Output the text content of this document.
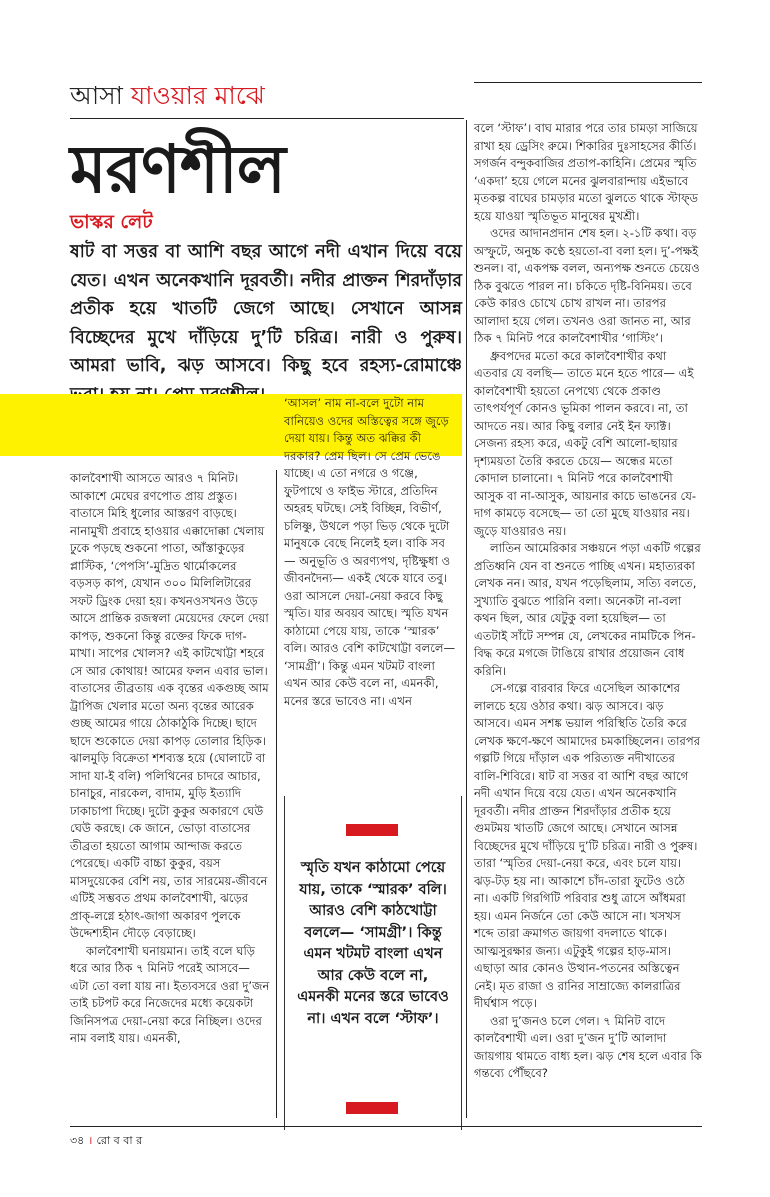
আসা যাওয়ার মাঝে
মরণশীল
ভাস্কর লেট
ষাট বা সত্তর বা আশি বছর আগে নদী এখান দিয়ে বয়ে যেত। এখন অনেকখানি দূরবর্তী। নদীর প্রাক্তন শিরদাঁড়ার প্রতীক হয়ে খাতটি জেগে আছে। সেখানে আসন্ন বিচ্ছেদের মুখে দাঁড়িয়ে দু’টি চরিত্র। নারী ও পুরুষ। আমরা ভাবি, ঝড় আসবে। কিছু হবে রহস্য-রোমাঞ্চে

কালবৈশাখী আসতে আরও ৭ মিনিট। আকাশে মেঘের রণপোত প্রায় প্রস্তুত। বাতাসে মিহি ধুলোর আস্তরণ বাড়ছে। নানামুখী প্রবাহে হাওয়ার এক্কাদোক্কা খেলায় ঢুকে পড়ছে শুকনো পাতা, আঁস্তাকুড়ের প্লাস্টিক, ‘পেপসি’-মুদ্রিত থার্মোকলের বড়সড় কাপ, যেখান ৩০০ মিলিলিটারের সফট ড্রিংক দেয়া হয়। কখনওসখনও উড়ে আসে প্রান্তিক রজস্বলা মেয়েদের ফেলে দেয়া কাপড়, শুকনো কিন্তু রক্তের ফিকে দাগ-মাখা। সাপের খোলস? এই কাটখোট্টা শহরে সে আর কোথায়! আমের ফলন এবার ভাল। বাতাসের তীব্রতায় এক বৃন্তের একগুচ্ছ আম ট্রাপিজ খেলার মতো অন্য বৃন্তের আরেক গুচ্ছ আমের গায়ে ঠোকাঠুকি দিচ্ছে। ছাদে ছাদে শুকোতে দেয়া কাপড় তোলার হিড়িক। ঝালমুড়ি বিক্রেতা শশব্যস্ত হয়ে (ঘোলাটে বা সাদা যা-ই বলি) পলিথিনের চাদরে আচার, চানাচুর, নারকেল, বাদাম, মুড়ি ইত্যাদি ঢাকাচাপা দিচ্ছে। দুটো কুকুর অকারণে ঘেউ ঘেউ করছে। কে জানে, ভোড়া বাতাসের তীব্রতা হয়তো আগাম আন্দাজ করতে পেরেছে। একটি বাচ্চা কুকুর, বয়স মাসদুয়েকের বেশি নয়, তার সারমেয়-জীবনে এটিই সম্ভবত প্রথম কালবৈশাখী, ঝড়ের প্রাক্-লগ্নে হঠাৎ-জাগা অকারণ পুলকে উদ্দেশ্যহীন দৌড়ে বেড়াচ্ছে।

কালবৈশাখী ঘনায়মান। তাই বলে ঘড়ি ধরে আর ঠিক ৭ মিনিট পরেই আসবে— এটা তো বলা যায় না। ইত্যবসরে ওরা দু’জন তাই চটপট করে নিজেদের মধ্যে কয়েকটা জিনিসপত্র দেয়া-নেয়া করে নিচ্ছিল। ওদের নাম বলাই যায়। এমনকী,

‘আসল’ নাম না-বলে দুটো নাম বানিয়েও ওদের অস্তিত্বের সঙ্গে জুড়ে দেয়া যায়। কিন্তু অত ঝক্কির কী দরকার? প্রেম ছিল। সে প্রেম ভেঙে যাচ্ছে। এ তো নগরে ও গঞ্জে, ফুটপাথে ও ফাইভ স্টারে, প্রতিদিন অহরহ ঘটছে। সেই বিচ্ছিন্ন, বিভীর্ণ, চলিষ্ণু, উথলে পড়া ভিড় থেকে দুটো মানুষকে বেছে নিলেই হল। বাকি সব— অনুভূতি ও অরণ্যপথ, দৃষ্টিক্ষুধা ও জীবনদৈন্য— একই থেকে যাবে তবু। ওরা আসলে দেয়া-নেয়া করবে কিছু স্মৃতি। যার অবয়ব আছে। স্মৃতি যখন কাঠামো পেয়ে যায়, তাকে ‘স্মারক’ বলি। আরও বেশি কাটখোট্টা বললে— ‘সামগ্রী’। কিন্তু এমন খটমট বাংলা এখন আর কেউ বলে না, এমনকী, মনের স্তরে ভাবেও না। এখন

স্মৃতি যখন কাঠামো পেয়ে যায়, তাকে ‘স্মারক’ বলি। আরও বেশি কাঠখোট্টা বললে— ‘সামগ্রী’। কিন্তু এমন খটমট বাংলা এখন আর কেউ বলে না, এমনকী মনের স্তরে ভাবেও না। এখন বলে ‘স্টাফ’।

বলে ‘স্টাফ’। বাঘ মারার পরে তার চামড়া সাজিয়ে রাখা হয় ড্রেসিং রুমে। শিকারির দুঃসাহসের কীর্তি। সগর্জন বন্দুকবাজির প্রতাপ-কাহিনি। প্রেমের স্মৃতি ‘একদা’ হয়ে গেলে মনের ঝুলবারান্দায় এইভাবে মৃতকল্প বাঘের চামড়ার মতো ঝুলতে থাকে স্টাফ্ড হয়ে যাওয়া স্মৃতিভূত মানুষের মুখশ্রী।

ওদের আদানপ্রদান শেষ হল। ২-১টি কথা। বড় অস্ফুটে, অনুচ্চ কণ্ঠে হয়তো-বা বলা হল। দু’-পক্ষই শুনল। বা, একপক্ষ বলল, অন্যপক্ষ শুনতে চেয়েও ঠিক বুঝতে পারল না। চকিতে দৃষ্টি-বিনিময়। তবে কেউ কারও চোখে চোখ রাখল না। তারপর আলাদা হয়ে গেল। তখনও ওরা জানত না, আর ঠিক ৭ মিনিট পরে কালবৈশাখীর ‘গাস্টিং’।

ধ্রুবপদের মতো করে কালবৈশাখীর কথা এতবার যে বলছি— তাতে মনে হতে পারে— এই কালবৈশাখী হয়তো নেপথ্যে থেকে প্রকাণ্ড তাৎপর্যপূর্ণ কোনও ভূমিকা পালন করবে। না, তা আদতে নয়। আর কিছু বলার নেই ইন ফ্যাক্ট। সেজন্য রহস্য করে, একটু বেশি আলো-ছায়ার দৃশ্যময়তা তৈরি করতে চেয়ে— অন্ধের মতো কোদাল চালানো। ৭ মিনিট পরে কালবৈশাখী আসুক বা না-আসুক, আয়নার কাচে ভাঙনের যে-দাগ কামড়ে বসেছে— তা তো মুছে যাওয়ার নয়। জুড়ে যাওয়ারও নয়।

লাতিন আমেরিকার সঞ্চয়নে পড়া একটি গল্পের প্রতিধ্বনি যেন বা শুনতে পাচ্ছি এখন। মহাত্যরকা লেখক নন। আর, যখন পড়েছিলাম, সত্যি বলতে, সুখ্যাতি বুঝতে পারিনি বলা। অনেকটা না-বলা কথন ছিল, আর যেটুকু বলা হয়েছিল— তা এতটাই সাঁটে সম্পন্ন যে, লেখকের নামটিকে পিন-বিদ্ধ করে মগজে টাঙিয়ে রাখার প্রয়োজন বোধ করিনি।

সে-গল্পে বারবার ফিরে এসেছিল আকাশের লালচে হয়ে ওঠার কথা। ঝড় আসবে। ঝড় আসবে। এমন সশঙ্ক ভয়াল পরিস্থিতি তৈরি করে লেখক ক্ষণে-ক্ষণে আমাদের চমকাচ্ছিলেন। তারপর গল্পটি গিয়ে দাঁড়াল এক পরিত্যক্ত নদীখাতের বালি-শিবিরে। ষাট বা সত্তর বা আশি বছর আগে নদী এখান দিয়ে বয়ে যেত। এখন অনেকখানি দূরবর্তী। নদীর প্রাক্তন শিরদাঁড়ার প্রতীক হয়ে গুমটময় খাতটি জেগে আছে। সেখানে আসন্ন বিচ্ছেদের মুখে দাঁড়িয়ে দু’টি চরিত্র। নারী ও পুরুষ। তারা ‘স্মৃতির দেয়া-নেয়া করে, এবং চলে যায়। ঝড়-টড় হয় না। আকাশে চাঁদ-তারা ফুটেও ওঠে না। একটি গিরগিটি পরিবার শুধু ত্রাসে আঁধমরা হয়। এমন নির্জনে তো কেউ আসে না। খসখস শব্দে তারা ক্রমাগত জায়গা বদলাতে থাকে। আত্মসুরক্ষার জন্য। এটুকুই গল্পের হাড়-মাস। এছাড়া আর কোনও উত্থান-পতনের অস্তিত্বেন নেই। মৃত রাজা ও রানির সাম্রাজ্যে কালরাত্রির দীর্ঘশ্বাস পড়ে।

ওরা দু’জনও চলে গেল। ৭ মিনিট বাদে কালবৈশাখী এল। ওরা দু’জন দু’টি আলাদা জায়গায় থামতে বাধ্য হল। ঝড় শেষ হলে এবার কি গন্তব্যে পৌঁছবে?

৩৪ । রো ব বা র
